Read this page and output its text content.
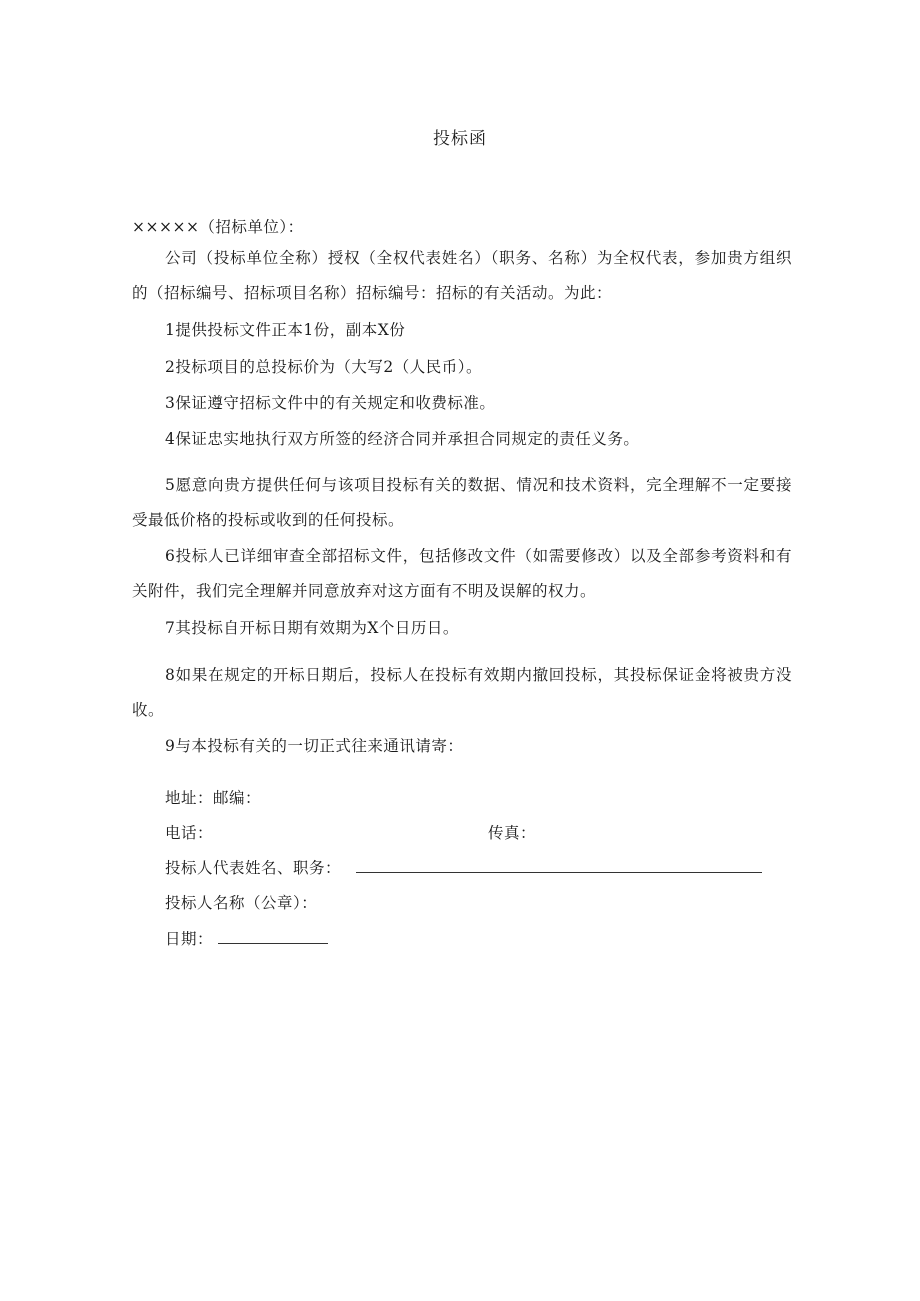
投标函
×××××（招标单位）：
公司（投标单位全称）授权（全权代表姓名）（职务、名称）为全权代表，参加贵方组织的（招标编号、招标项目名称）招标编号：招标的有关活动。为此：
1提供投标文件正本1份，副本X份
2投标项目的总投标价为（大写2（人民币）。
3保证遵守招标文件中的有关规定和收费标准。
4保证忠实地执行双方所签的经济合同并承担合同规定的责任义务。
5愿意向贵方提供任何与该项目投标有关的数据、情况和技术资料，完全理解不一定要接受最低价格的投标或收到的任何投标。
6投标人已详细审查全部招标文件，包括修改文件（如需要修改）以及全部参考资料和有关附件，我们完全理解并同意放弃对这方面有不明及误解的权力。
7其投标自开标日期有效期为X个日历日。
8如果在规定的开标日期后，投标人在投标有效期内撤回投标，其投标保证金将被贵方没收。
9与本投标有关的一切正式往来通讯请寄：
地址：邮编：
电话：	传真：
投标人代表姓名、职务：
投标人名称（公章）：
日期：
